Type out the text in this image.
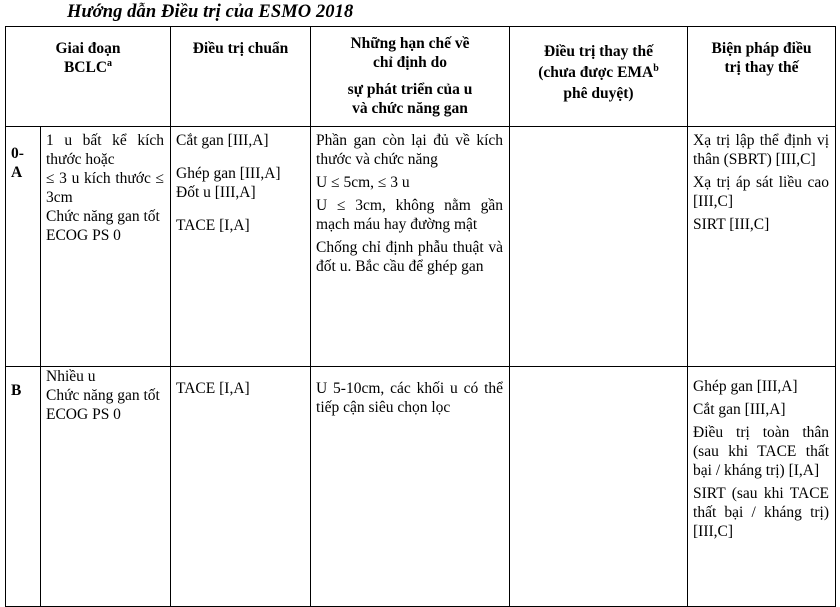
Hướng dẫn Điều trị của ESMO 2018
Giai đoạn
BCLC$^a$		Điều trị chuẩn	Những hạn chế về
chỉ định do
sự phát triển của u
và chức năng gan	Điều trị thay thế
(chưa được EMA$^b$
phê duyệt)	Biện pháp điều
trị thay thế

0-
A	1 u bất kể kích thước hoặc
≤ 3 u kích thước ≤ 3cm
Chức năng gan tốt
ECOG PS 0	Cắt gan [III,A]
Ghép gan [III,A]
Đốt u [III,A]
TACE [I,A]	Phần gan còn lại đủ về kích thước và chức năng
U ≤ 5cm, ≤ 3 u
U ≤ 3cm, không nằm gần mạch máu hay đường mật
Chống chỉ định phẫu thuật và đốt u. Bắc cầu để ghép gan		Xạ trị lập thể định vị thân (SBRT) [III,C]
Xạ trị áp sát liều cao [III,C]
SIRT [III,C]

B	Nhiều u
Chức năng gan tốt
ECOG PS 0	TACE [I,A]	U 5-10cm, các khối u có thể tiếp cận siêu chọn lọc		Ghép gan [III,A]
Cắt gan [III,A]
Điều trị toàn thân (sau khi TACE thất bại / kháng trị) [I,A]
SIRT (sau khi TACE thất bại / kháng trị) [III,C]
